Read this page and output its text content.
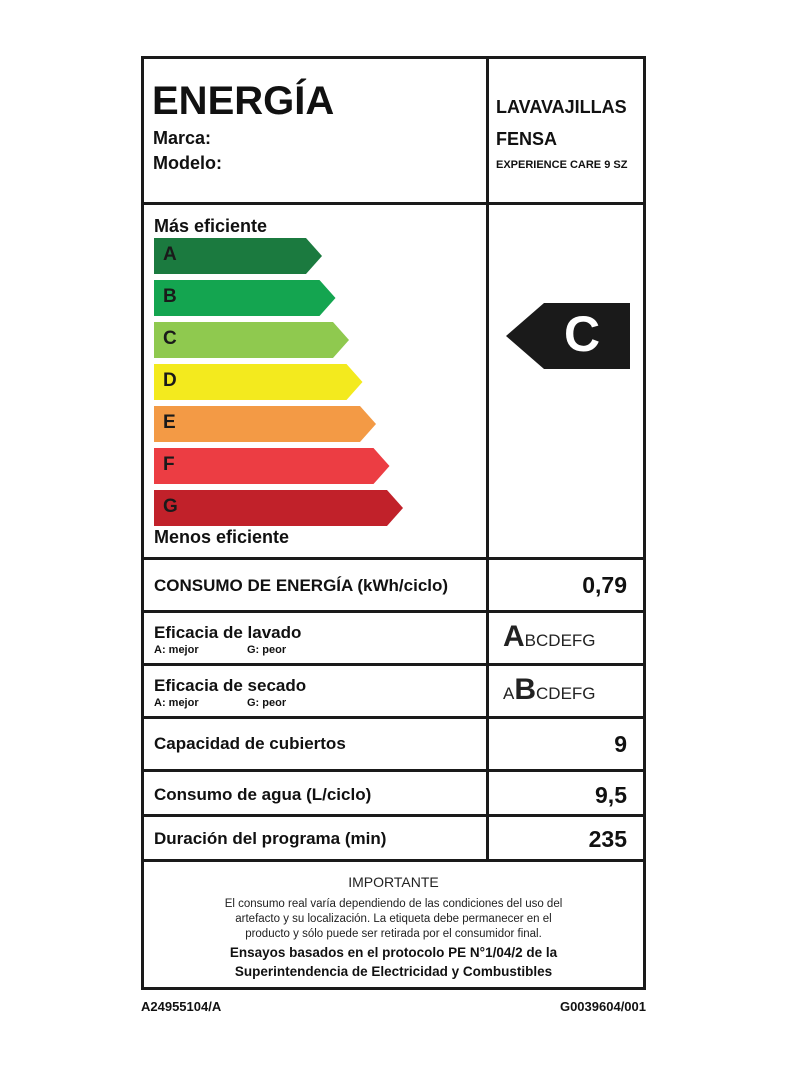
ENERGÍA
Marca:
Modelo:
LAVAVAJILLAS
FENSA
EXPERIENCE CARE 9 SZ
Más eficiente
A
B
C
D
E
F
G
Menos eficiente
C
CONSUMO DE ENERGÍA (kWh/ciclo)	0,79
Eficacia de lavado
A: mejor	G: peor	ABCDEFG
Eficacia de secado
A: mejor	G: peor	ABCDEFG
Capacidad de cubiertos	9
Consumo de agua (L/ciclo)	9,5
Duración del programa (min)	235
IMPORTANTE
El consumo real varía dependiendo de las condiciones del uso del
artefacto y su localización. La etiqueta debe permanecer en el
producto y sólo puede ser retirada por el consumidor final.
Ensayos basados en el protocolo PE N°1/04/2 de la
Superintendencia de Electricidad y Combustibles
A24955104/A	G0039604/001
